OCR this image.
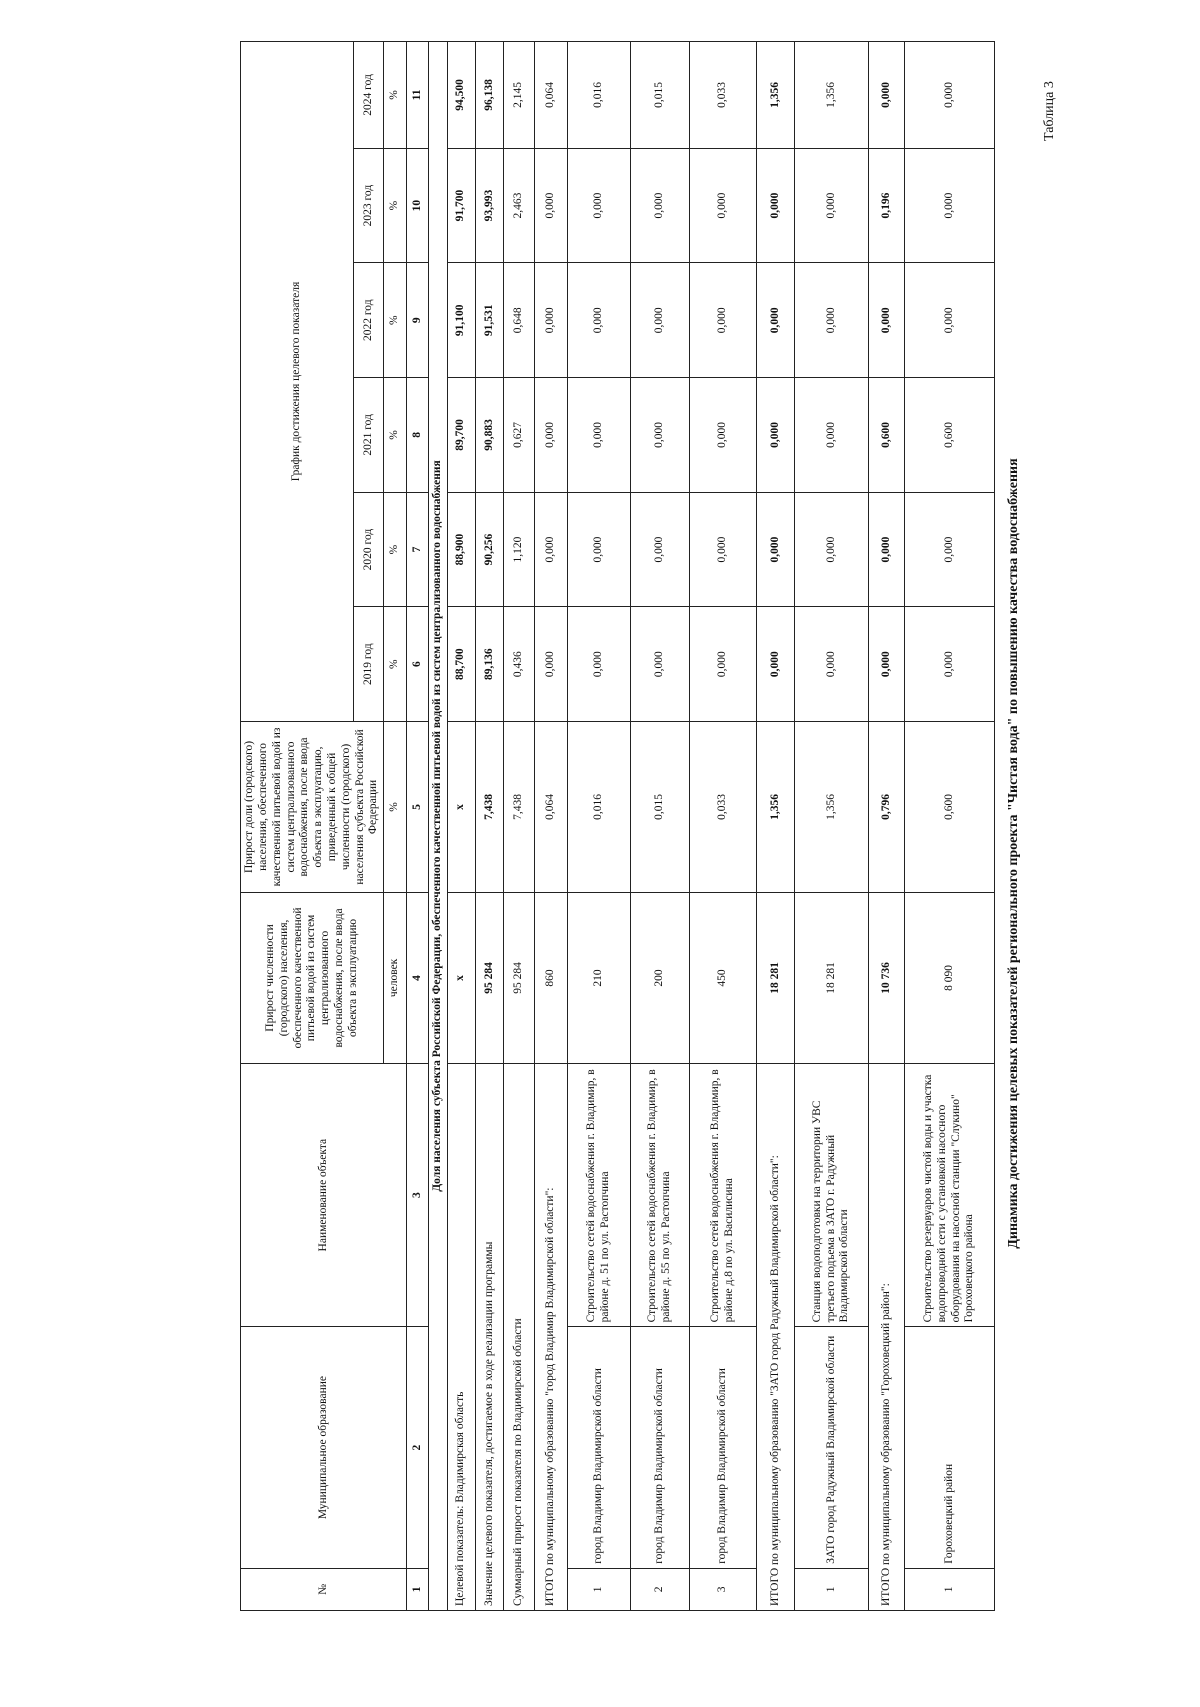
Таблица 3
Динамика достижения целевых показателей регионального проекта "Чистая вода" по повышению качества водоснабжения
№	Муниципальное образование	Наименование объекта	Прирост численности (городского) населения, обеспеченного качественной питьевой водой из систем централизованного водоснабжения, после ввода объекта в эксплуатацию	Прирост доли (городского) населения, обеспеченного качественной питьевой водой из систем централизованного водоснабжения, после ввода объекта в эксплуатацию, приведенный к общей численности (городского) населения субъекта Российской Федерации	График достижения целевого показателя					
					2019 год	2020 год	2021 год	2022 год	2023 год	2024 год
			человек	%	%	%	%	%	%	%
1	2	3	4	5	6	7	8	9	10	11
Доля населения субъекта Российской Федерации, обеспеченного качественной питьевой водой из систем централизованного водоснабжения										
Целевой показатель: Владимирская область			x	x	88,700	88,900	89,700	91,100	91,700	94,500
Значение целевого показателя, достигаемое в ходе реализации программы			95 284	7,438	89,136	90,256	90,883	91,531	93,993	96,138
Суммарный прирост показателя по Владимирской области			95 284	7,438	0,436	1,120	0,627	0,648	2,463	2,145
ИТОГО по муниципальному образованию "город Владимир Владимирской области":			860	0,064	0,000	0,000	0,000	0,000	0,000	0,064
1	город Владимир Владимирской области	Строительство сетей водоснабжения г. Владимир, в районе д. 51 по ул. Растопчина	210	0,016	0,000	0,000	0,000	0,000	0,000	0,016
2	город Владимир Владимирской области	Строительство сетей водоснабжения г. Владимир, в районе д. 55 по ул. Растопчина	200	0,015	0,000	0,000	0,000	0,000	0,000	0,015
3	город Владимир Владимирской области	Строительство сетей водоснабжения г. Владимир, в районе д.8 по ул. Василисина	450	0,033	0,000	0,000	0,000	0,000	0,000	0,033
ИТОГО по муниципальному образованию "ЗАТО город Радужный Владимирской области":			18 281	1,356	0,000	0,000	0,000	0,000	0,000	1,356
1	ЗАТО город Радужный Владимирской области	Станция водоподготовки на территории УВС третьего подъема в ЗАТО г. Радужный Владимирской области	18 281	1,356	0,000	0,000	0,000	0,000	0,000	1,356
ИТОГО по муниципальному образованию "Гороховецкий район":			10 736	0,796	0,000	0,000	0,600	0,000	0,196	0,000
1	Гороховецкий район	Строительство резервуаров чистой воды и участка водопроводной сети с установкой насосного оборудования на насосной станции "Слукино" Гороховецкого района	8 090	0,600	0,000	0,000	0,600	0,000	0,000	0,000
